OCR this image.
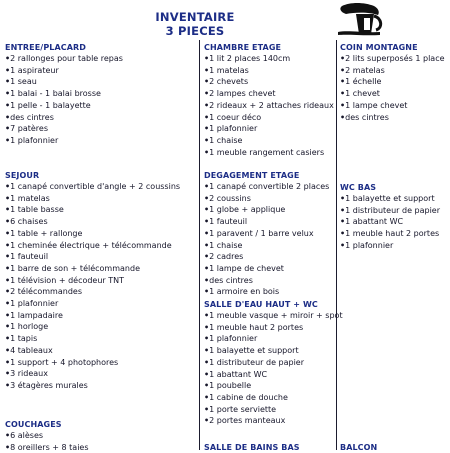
INVENTAIRE
3 PIECES
ENTREE/PLACARD
• 2 rallonges pour table repas
• 1 aspirateur
• 1 seau
• 1 balai - 1 balai brosse
• 1 pelle - 1 balayette
• des cintres
• 7 patères
• 1 plafonnier
CHAMBRE ETAGE
• 1 lit 2 places 140cm
• 1 matelas
• 2 chevets
• 2 lampes chevet
• 2 rideaux + 2 attaches rideaux
• 1 coeur déco
• 1 plafonnier
• 1 chaise
• 1 meuble rangement casiers
COIN MONTAGNE
• 2 lits superposés 1 place
• 2 matelas
• 1 échelle
• 1 chevet
• 1 lampe chevet
• des cintres
SEJOUR
• 1 canapé convertible d'angle + 2 coussins
• 1 matelas
• 1 table basse
• 6 chaises
• 1 table + rallonge
• 1 cheminée électrique + télécommande
• 1 fauteuil
• 1 barre de son + télécommande
• 1 télévision + décodeur TNT
• 2 télécommandes
• 1 plafonnier
• 1 lampadaire
• 1 horloge
• 1 tapis
• 4 tableaux
• 1 support + 4 photophores
• 3 rideaux
• 3 étagères murales
DEGAGEMENT ETAGE
• 1 canapé convertible 2 places
• 2 coussins
• 1 globe + applique
• 1 fauteuil
• 1 paravent / 1 barre velux
• 1 chaise
• 2 cadres
• 1 lampe de chevet
• des cintres
• 1 armoire en bois
SALLE D'EAU HAUT + WC
• 1 meuble vasque + miroir + spot
• 1 meuble haut 2 portes
• 1 plafonnier
• 1 balayette et support
• 1 distributeur de papier
• 1 abattant WC
• 1 poubelle
• 1 cabine de douche
• 1 porte serviette
• 2 portes manteaux
WC BAS
• 1 balayette et support
• 1 distributeur de papier
• 1 abattant WC
• 1 meuble haut 2 portes
• 1 plafonnier
COUCHAGES
• 6 alèses
• 8 oreillers + 8 taies	SALLE DE BAINS BAS	BALCON
